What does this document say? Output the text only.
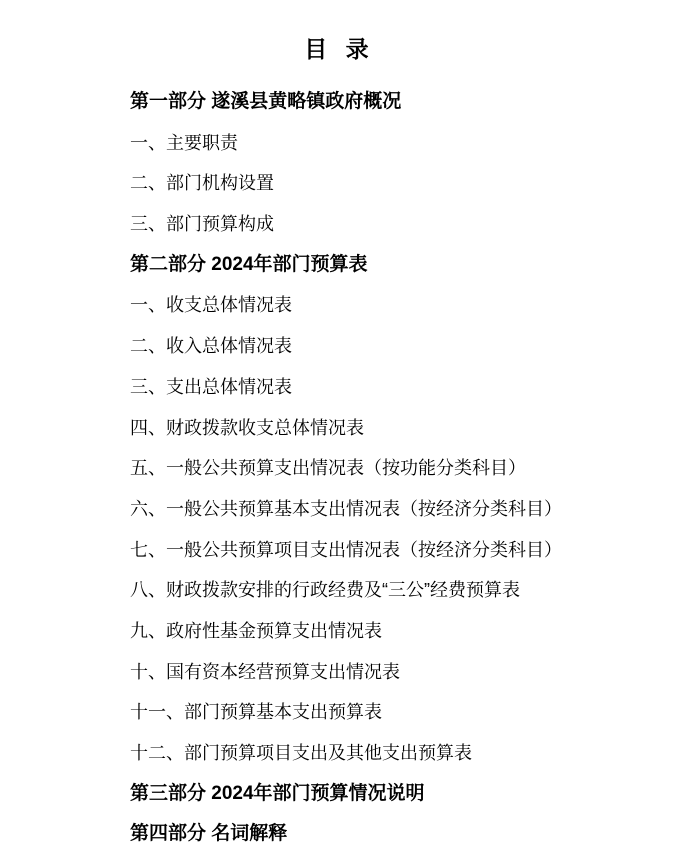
目 录
第一部分 遂溪县黄略镇政府概况
一、主要职责
二、部门机构设置
三、部门预算构成
第二部分 2024年部门预算表
一、收支总体情况表
二、收入总体情况表
三、支出总体情况表
四、财政拨款收支总体情况表
五、一般公共预算支出情况表（按功能分类科目）
六、一般公共预算基本支出情况表（按经济分类科目）
七、一般公共预算项目支出情况表（按经济分类科目）
八、财政拨款安排的行政经费及“三公”经费预算表
九、政府性基金预算支出情况表
十、国有资本经营预算支出情况表
十一、部门预算基本支出预算表
十二、部门预算项目支出及其他支出预算表
第三部分 2024年部门预算情况说明
第四部分 名词解释
